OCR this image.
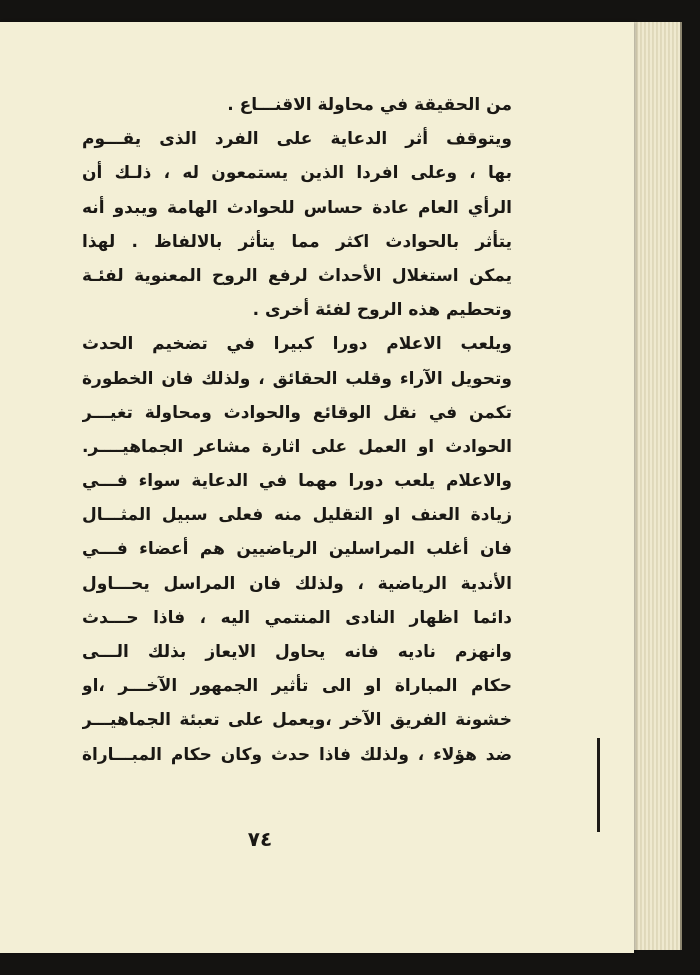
من الحقيقة في محاولة الاقنـــاع .
ويتوقف أثر الدعاية على الفرد الذى يقـــوم
بها ، وعلى افردا الذين يستمعون له ، ذلـك أن
الرأي العام عادة حساس للحوادث الهامة ويبدو أنه
يتأثر بالحوادث اكثر مما يتأثر بالالفاظ . لهذا
يمكن استغلال الأحداث لرفع الروح المعنوية لفئـة
وتحطيم هذه الروح لفئة أخرى .
ويلعب الاعلام دورا كبيرا في تضخيم الحدث
وتحويل الآراء وقلب الحقائق ، ولذلك فان الخطورة
تكمن في نقل الوقائع والحوادث ومحاولة تغيـــر
الحوادث او العمل على اثارة مشاعر الجماهيــــر.
والاعلام يلعب دورا مهما في الدعاية سواء فـــي
زيادة العنف او التقليل منه فعلى سبيل المثـــال
فان أغلب المراسلين الرياضيين هم أعضاء فـــي
الأندية الرياضية ، ولذلك فان المراسل يحـــاول
دائما اظهار النادى المنتمي اليه ، فاذا حـــدث
وانهزم ناديه فانه يحاول الايعاز بذلك الـــى
حكام المباراة او الى تأثير الجمهور الآخـــر ،او
خشونة الفريق الآخر ،ويعمل على تعبئة الجماهيـــر
ضد هؤلاء ، ولذلك فاذا حدث وكان حكام المبـــاراة
٧٤
